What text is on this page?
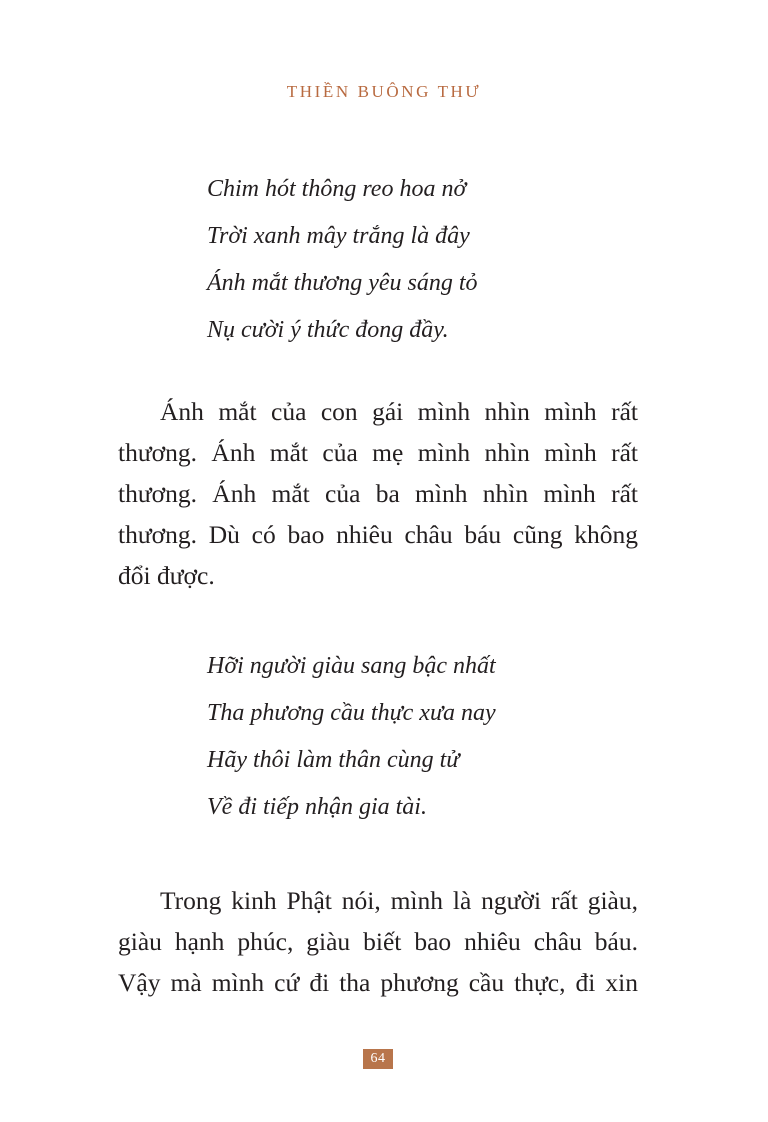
THIỀN BUÔNG THƯ
Chim hót thông reo hoa nở
Trời xanh mây trắng là đây
Ánh mắt thương yêu sáng tỏ
Nụ cười ý thức đong đầy.
Ánh mắt của con gái mình nhìn mình rất
thương. Ánh mắt của mẹ mình nhìn mình rất
thương. Ánh mắt của ba mình nhìn mình rất
thương. Dù có bao nhiêu châu báu cũng không
đổi được.
Hỡi người giàu sang bậc nhất
Tha phương cầu thực xưa nay
Hãy thôi làm thân cùng tử
Về đi tiếp nhận gia tài.
Trong kinh Phật nói, mình là người rất giàu,
giàu hạnh phúc, giàu biết bao nhiêu châu báu.
Vậy mà mình cứ đi tha phương cầu thực, đi xin
64
